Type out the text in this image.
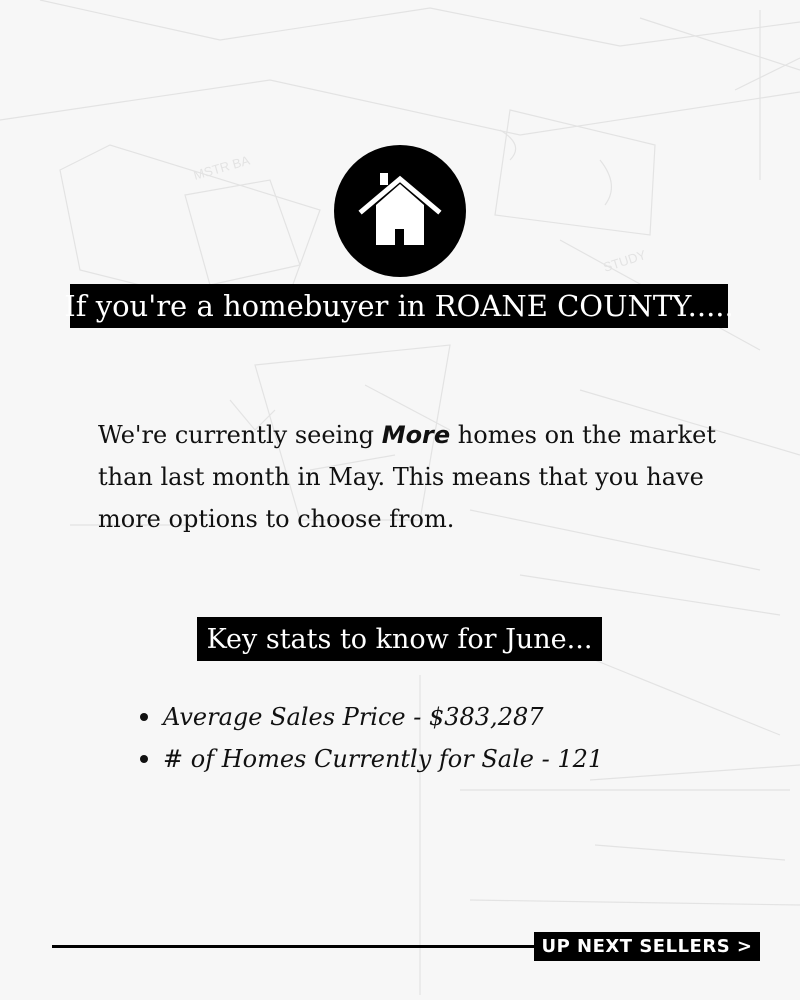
MSTR BA
STUDY
If you're a homebuyer in ROANE COUNTY.....

We're currently seeing More homes on the market than last month in May. This means that you have more options to choose from.

Key stats to know for June...
Average Sales Price - $383,287
# of Homes Currently for Sale - 121
UP NEXT SELLERS >
